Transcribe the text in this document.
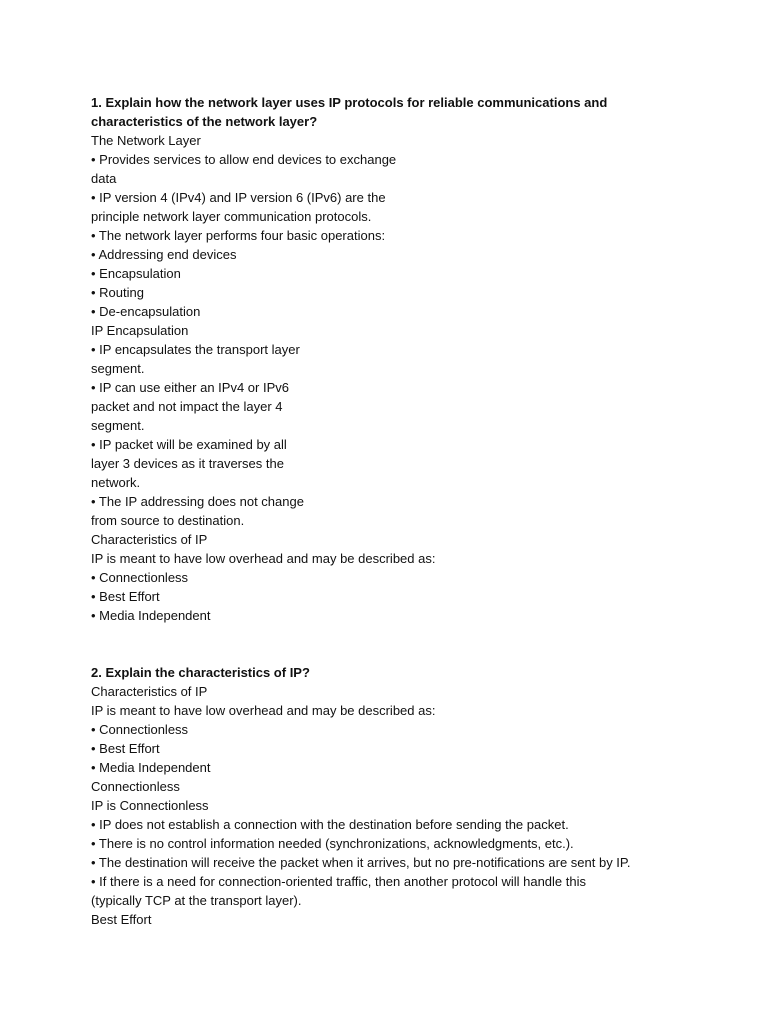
1. Explain how the network layer uses IP protocols for reliable communications and
characteristics of the network layer?
The Network Layer
• Provides services to allow end devices to exchange
data
• IP version 4 (IPv4) and IP version 6 (IPv6) are the
principle network layer communication protocols.
• The network layer performs four basic operations:
• Addressing end devices
• Encapsulation
• Routing
• De-encapsulation
IP Encapsulation
• IP encapsulates the transport layer
segment.
• IP can use either an IPv4 or IPv6
packet and not impact the layer 4
segment.
• IP packet will be examined by all
layer 3 devices as it traverses the
network.
• The IP addressing does not change
from source to destination.
Characteristics of IP
IP is meant to have low overhead and may be described as:
• Connectionless
• Best Effort
• Media Independent
2. Explain the characteristics of IP?
Characteristics of IP
IP is meant to have low overhead and may be described as:
• Connectionless
• Best Effort
• Media Independent
Connectionless
IP is Connectionless
• IP does not establish a connection with the destination before sending the packet.
• There is no control information needed (synchronizations, acknowledgments, etc.).
• The destination will receive the packet when it arrives, but no pre-notifications are sent by IP.
• If there is a need for connection-oriented traffic, then another protocol will handle this
(typically TCP at the transport layer).
Best Effort
